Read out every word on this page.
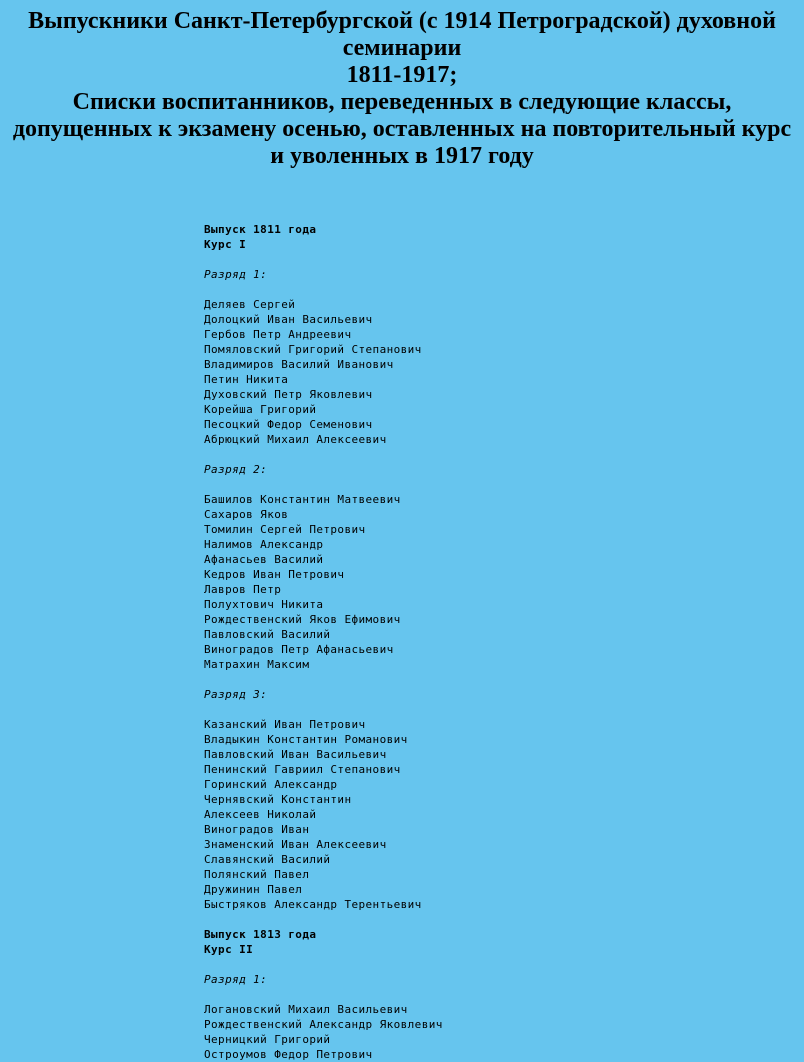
Выпускники Санкт-Петербургской (с 1914 Петроградской) духовной
семинарии
1811-1917;
Списки воспитанников, переведенных в следующие классы,
допущенных к экзамену осенью, оставленных на повторительный курс
и уволенных в 1917 году
Выпуск 1811 года
Курс I
Разряд 1:
Деляев Сергей
Долоцкий Иван Васильевич
Гербов Петр Андреевич
Помяловский Григорий Степанович
Владимиров Василий Иванович
Петин Никита
Духовский Петр Яковлевич
Корейша Григорий
Песоцкий Федор Семенович
Абрюцкий Михаил Алексеевич
Разряд 2:
Башилов Константин Матвеевич
Сахаров Яков
Томилин Сергей Петрович
Налимов Александр
Афанасьев Василий
Кедров Иван Петрович
Лавров Петр
Полухтович Никита
Рождественский Яков Ефимович
Павловский Василий
Виноградов Петр Афанасьевич
Матрахин Максим
Разряд 3:
Казанский Иван Петрович
Владыкин Константин Романович
Павловский Иван Васильевич
Пенинский Гавриил Степанович
Горинский Александр
Чернявский Константин
Алексеев Николай
Виноградов Иван
Знаменский Иван Алексеевич
Славянский Василий
Полянский Павел
Дружинин Павел
Быстряков Александр Терентьевич
Выпуск 1813 года
Курс II
Разряд 1:
Логановский Михаил Васильевич
Рождественский Александр Яковлевич
Черницкий Григорий
Остроумов Федор Петрович
